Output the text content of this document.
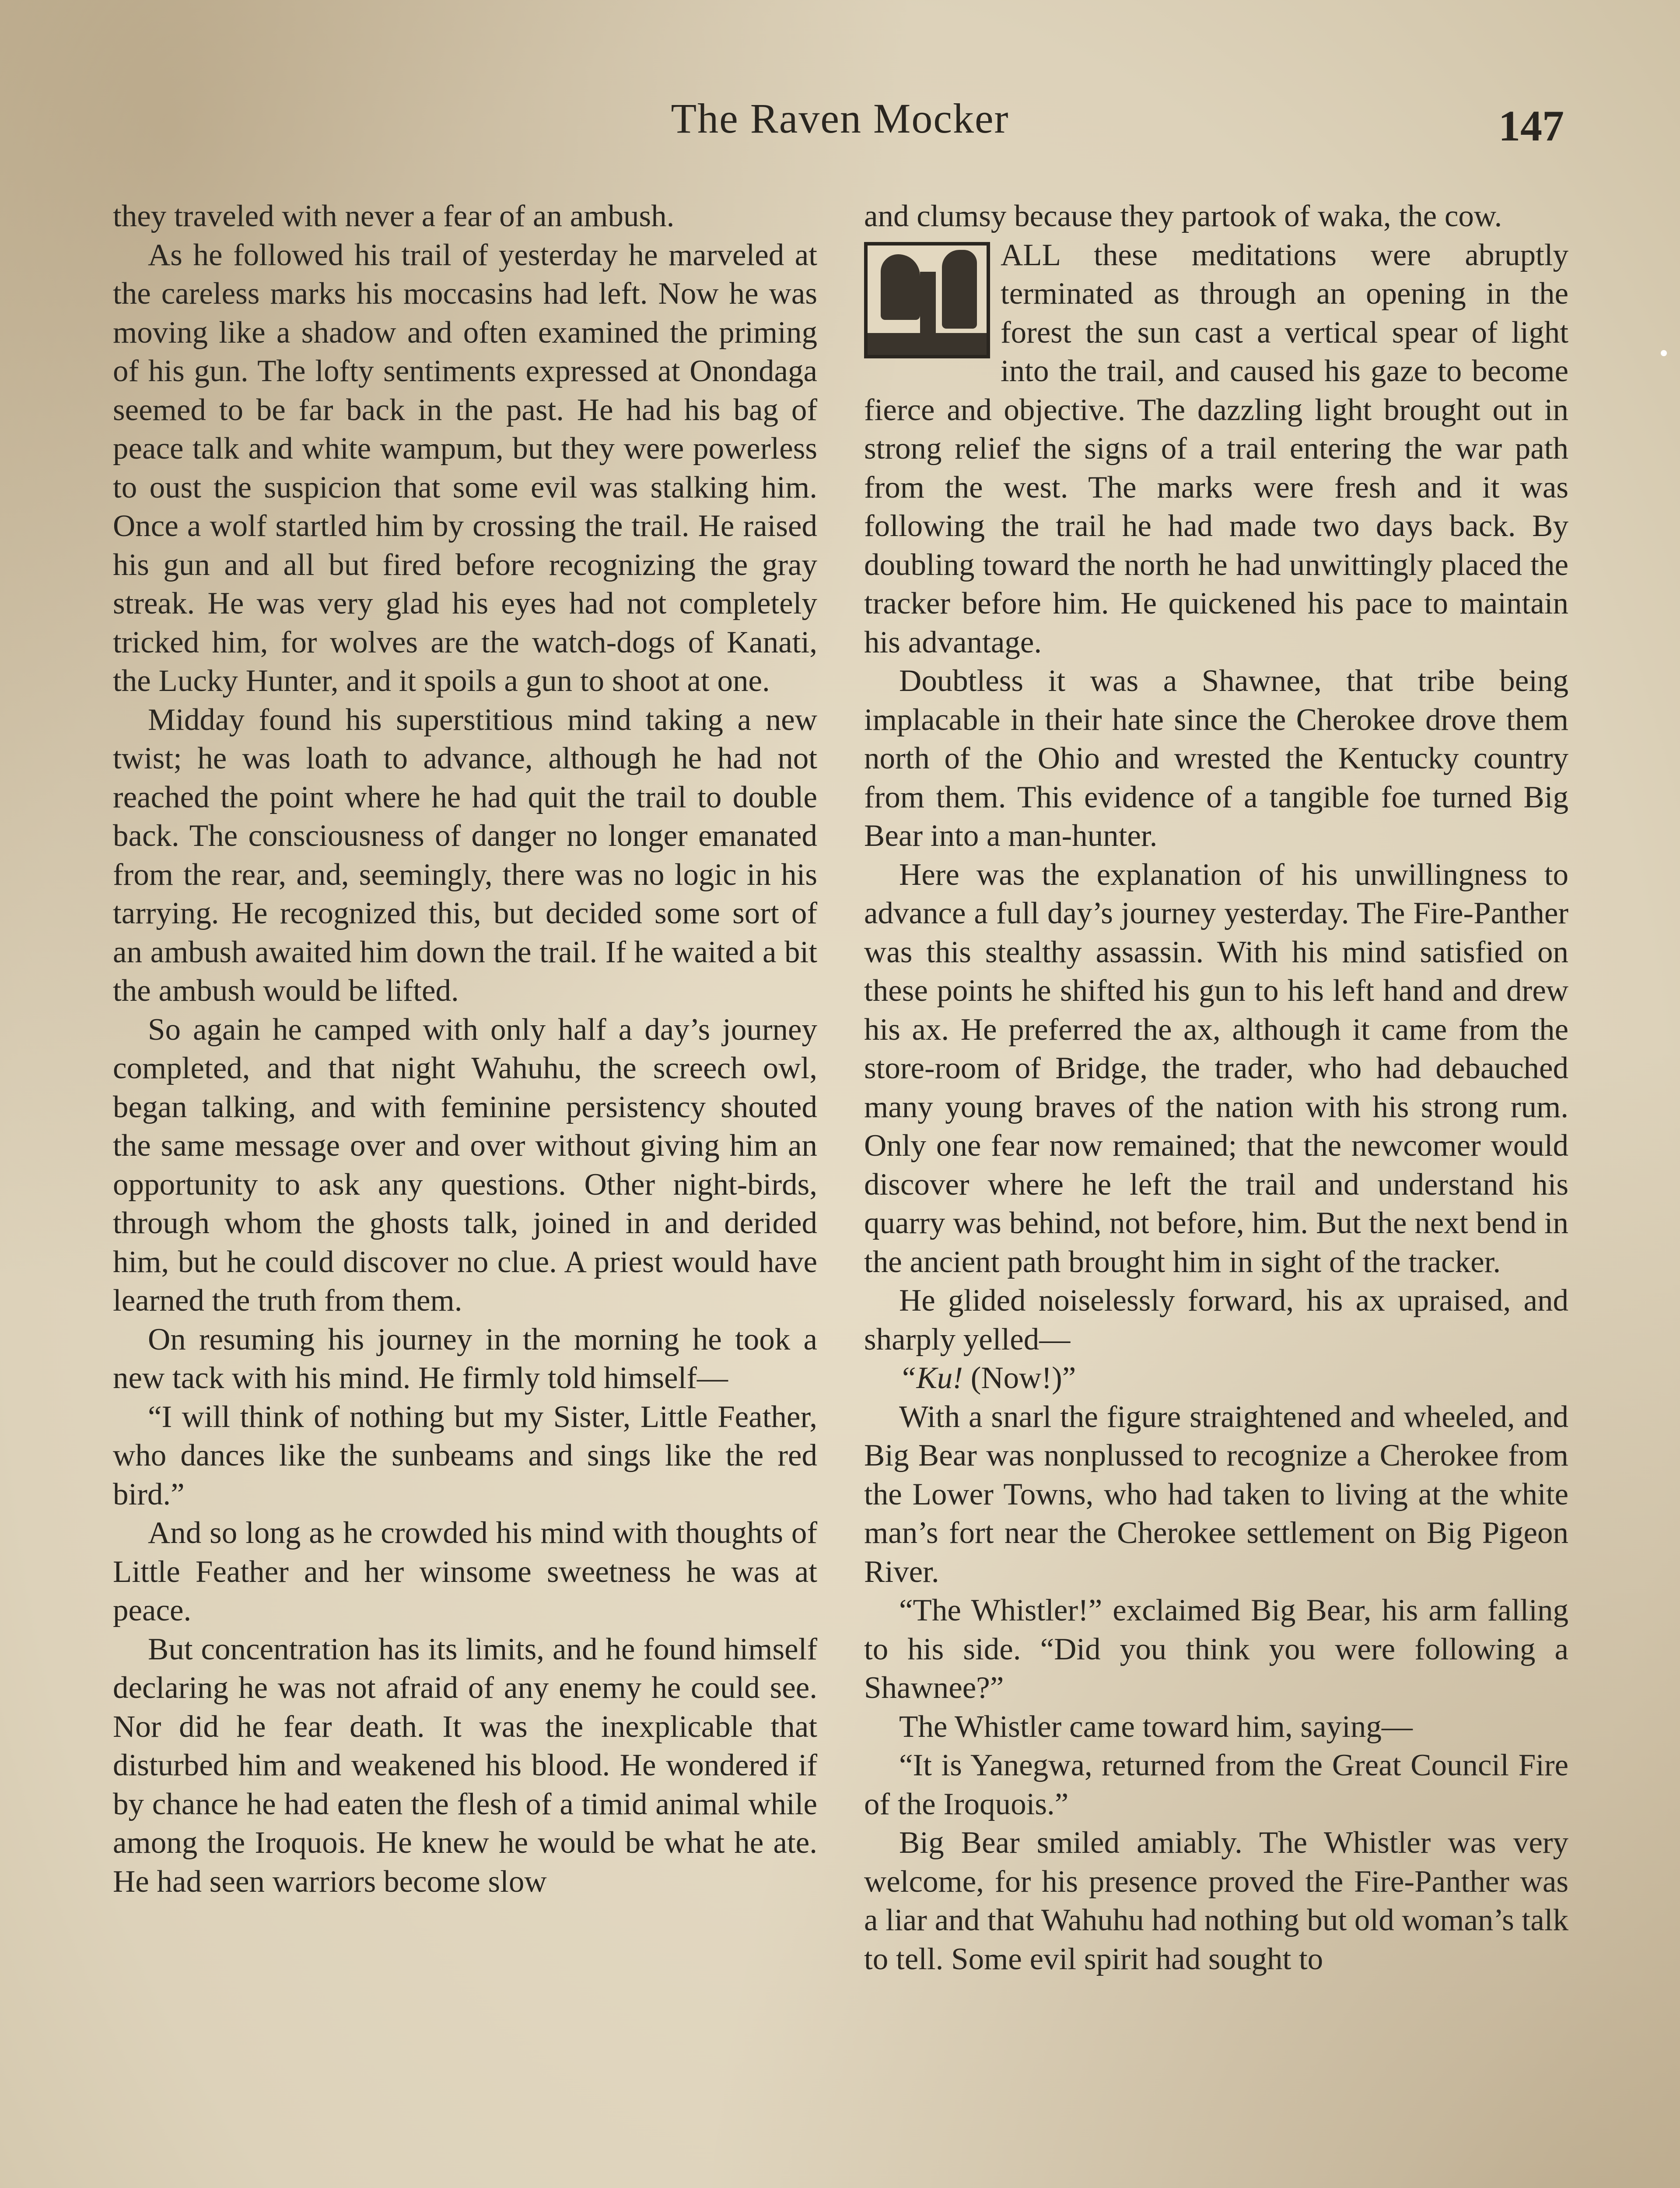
The Raven Mocker	147

they traveled with never a fear of an ambush.

As he followed his trail of yesterday he marveled at the careless marks his moccasins had left. Now he was moving like a shadow and often examined the priming of his gun. The lofty sentiments expressed at Onondaga seemed to be far back in the past. He had his bag of peace talk and white wampum, but they were powerless to oust the suspicion that some evil was stalking him. Once a wolf startled him by crossing the trail. He raised his gun and all but fired before recognizing the gray streak. He was very glad his eyes had not completely tricked him, for wolves are the watch-dogs of Kanati, the Lucky Hunter, and it spoils a gun to shoot at one.

Midday found his superstitious mind taking a new twist; he was loath to advance, although he had not reached the point where he had quit the trail to double back. The consciousness of danger no longer emanated from the rear, and, seemingly, there was no logic in his tarrying. He recognized this, but decided some sort of an ambush awaited him down the trail. If he waited a bit the ambush would be lifted.

So again he camped with only half a day’s journey completed, and that night Wahuhu, the screech owl, began talking, and with feminine persistency shouted the same message over and over without giving him an opportunity to ask any questions. Other night-birds, through whom the ghosts talk, joined in and derided him, but he could discover no clue. A priest would have learned the truth from them.

On resuming his journey in the morning he took a new tack with his mind. He firmly told himself—

“I will think of nothing but my Sister, Little Feather, who dances like the sunbeams and sings like the red bird.”

And so long as he crowded his mind with thoughts of Little Feather and her winsome sweetness he was at peace.

But concentration has its limits, and he found himself declaring he was not afraid of any enemy he could see. Nor did he fear death. It was the inexplicable that disturbed him and weakened his blood. He wondered if by chance he had eaten the flesh of a timid animal while among the Iroquois. He knew he would be what he ate. He had seen warriors become slow

and clumsy because they partook of waka, the cow.

ALL these meditations were abruptly terminated as through an opening in the forest the sun cast a vertical spear of light into the trail, and caused his gaze to become fierce and objective. The dazzling light brought out in strong relief the signs of a trail entering the war path from the west. The marks were fresh and it was following the trail he had made two days back. By doubling toward the north he had unwittingly placed the tracker before him. He quickened his pace to maintain his advantage.

Doubtless it was a Shawnee, that tribe being implacable in their hate since the Cherokee drove them north of the Ohio and wrested the Kentucky country from them. This evidence of a tangible foe turned Big Bear into a man-hunter.

Here was the explanation of his unwillingness to advance a full day’s journey yesterday. The Fire-Panther was this stealthy assassin. With his mind satisfied on these points he shifted his gun to his left hand and drew his ax. He preferred the ax, although it came from the store-room of Bridge, the trader, who had debauched many young braves of the nation with his strong rum. Only one fear now remained; that the newcomer would discover where he left the trail and understand his quarry was behind, not before, him. But the next bend in the ancient path brought him in sight of the tracker.

He glided noiselessly forward, his ax upraised, and sharply yelled—

“Ku! (Now!)”

With a snarl the figure straightened and wheeled, and Big Bear was nonplussed to recognize a Cherokee from the Lower Towns, who had taken to living at the white man’s fort near the Cherokee settlement on Big Pigeon River.

“The Whistler!” exclaimed Big Bear, his arm falling to his side. “Did you think you were following a Shawnee?”

The Whistler came toward him, saying—

“It is Yanegwa, returned from the Great Council Fire of the Iroquois.”

Big Bear smiled amiably. The Whistler was very welcome, for his presence proved the Fire-Panther was a liar and that Wahuhu had nothing but old woman’s talk to tell. Some evil spirit had sought to
